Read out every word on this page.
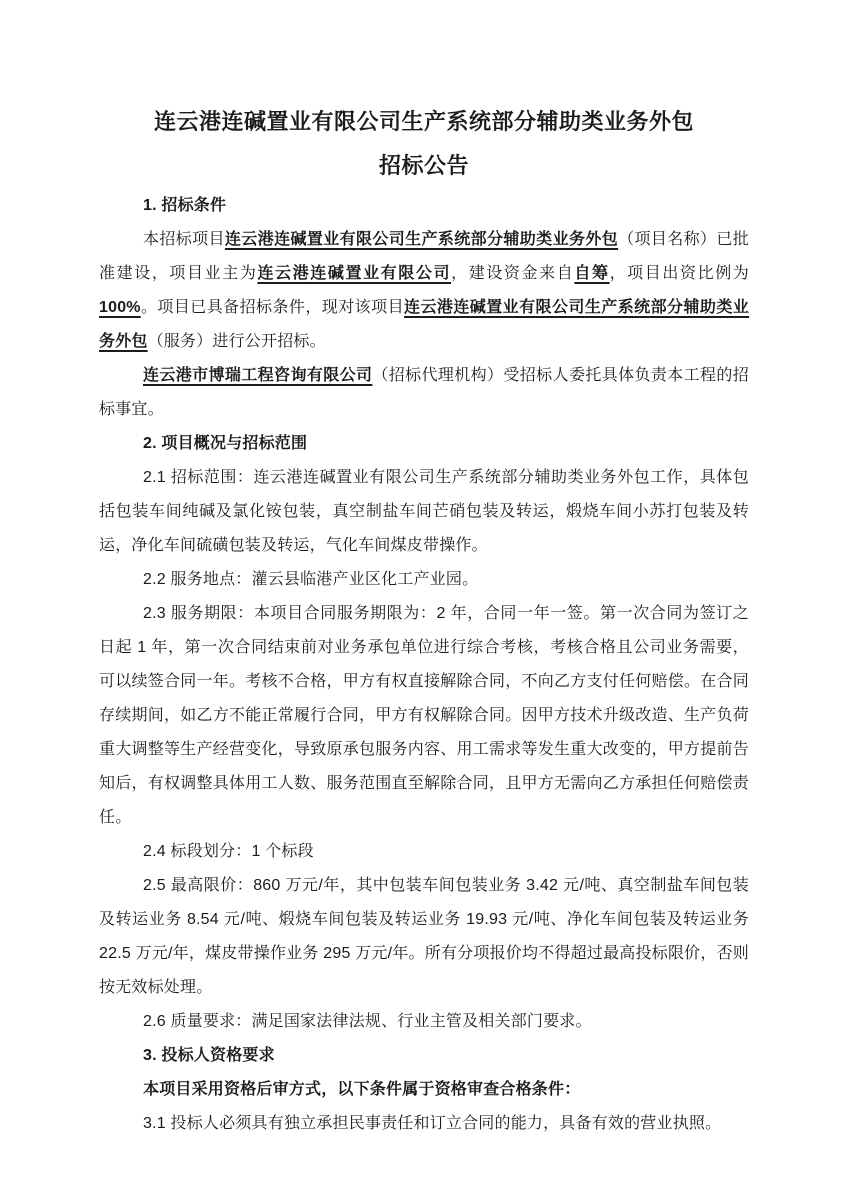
连云港连碱置业有限公司生产系统部分辅助类业务外包
招标公告

1. 招标条件

本招标项目连云港连碱置业有限公司生产系统部分辅助类业务外包（项目名称）已批准建设，项目业主为连云港连碱置业有限公司，建设资金来自自筹，项目出资比例为 100%。项目已具备招标条件，现对该项目连云港连碱置业有限公司生产系统部分辅助类业务外包（服务）进行公开招标。

连云港市博瑞工程咨询有限公司（招标代理机构）受招标人委托具体负责本工程的招标事宜。

2. 项目概况与招标范围

2.1 招标范围：连云港连碱置业有限公司生产系统部分辅助类业务外包工作，具体包括包装车间纯碱及氯化铵包装，真空制盐车间芒硝包装及转运，煅烧车间小苏打包装及转运，净化车间硫磺包装及转运，气化车间煤皮带操作。

2.2 服务地点：灌云县临港产业区化工产业园。

2.3 服务期限：本项目合同服务期限为：2 年，合同一年一签。第一次合同为签订之日起 1 年，第一次合同结束前对业务承包单位进行综合考核，考核合格且公司业务需要，可以续签合同一年。考核不合格，甲方有权直接解除合同，不向乙方支付任何赔偿。在合同存续期间，如乙方不能正常履行合同，甲方有权解除合同。因甲方技术升级改造、生产负荷重大调整等生产经营变化，导致原承包服务内容、用工需求等发生重大改变的，甲方提前告知后，有权调整具体用工人数、服务范围直至解除合同，且甲方无需向乙方承担任何赔偿责任。

2.4 标段划分：1 个标段

2.5 最高限价：860 万元/年，其中包装车间包装业务 3.42 元/吨、真空制盐车间包装及转运业务 8.54 元/吨、煅烧车间包装及转运业务 19.93 元/吨、净化车间包装及转运业务 22.5 万元/年，煤皮带操作业务 295 万元/年。所有分项报价均不得超过最高投标限价，否则按无效标处理。

2.6 质量要求：满足国家法律法规、行业主管及相关部门要求。

3. 投标人资格要求

本项目采用资格后审方式，以下条件属于资格审查合格条件：

3.1 投标人必须具有独立承担民事责任和订立合同的能力，具备有效的营业执照。
